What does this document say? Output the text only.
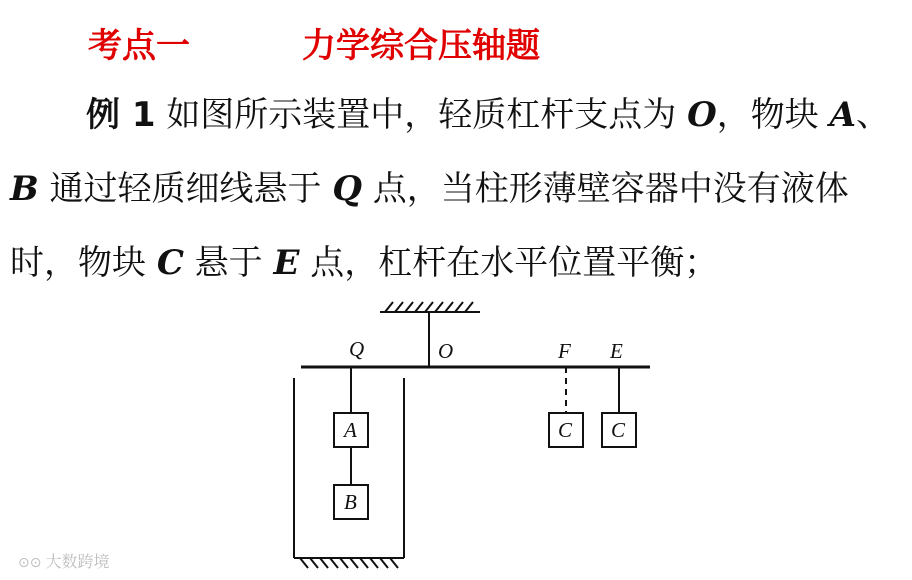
考点一	力学综合压轴题
例 1 如图所示装置中，轻质杠杆支点为 O，物块 A、B 通过轻质细线悬于 Q 点，当柱形薄壁容器中没有液体时，物块 C 悬于 E 点，杠杆在水平位置平衡；
Q	O	F E
A
B
C C
⊙⊙ 大数跨境
